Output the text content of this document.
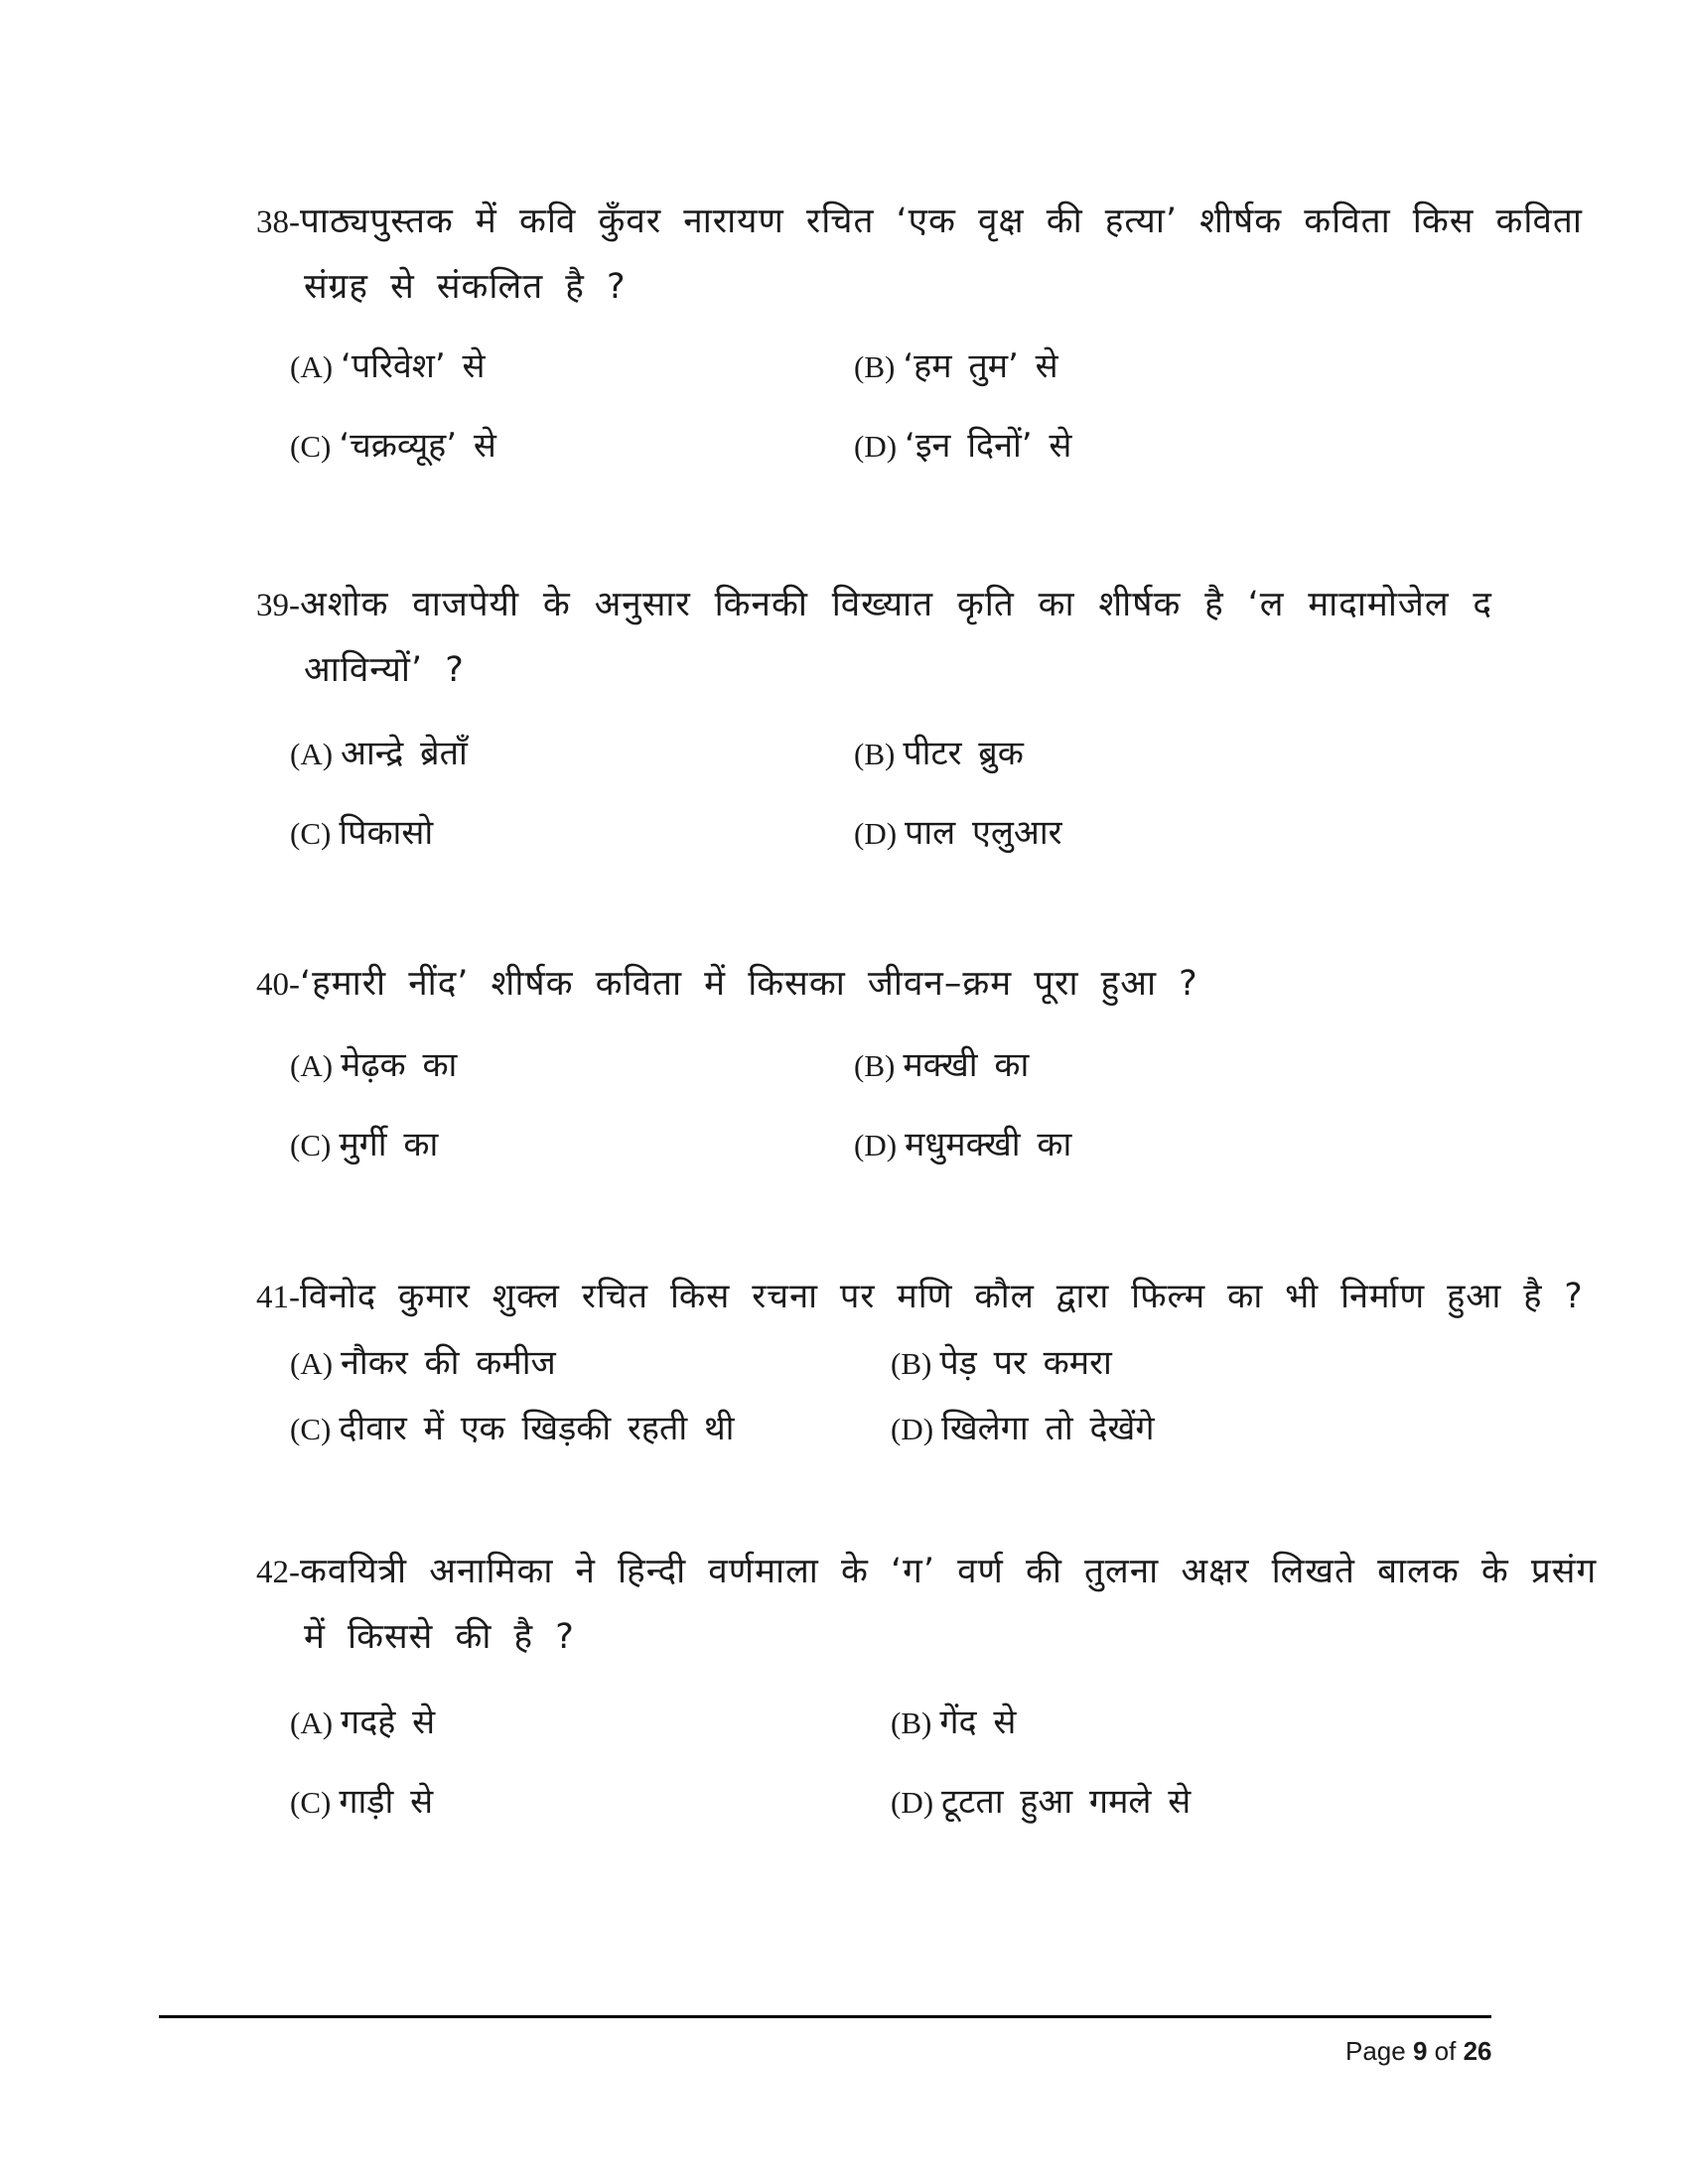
38-पाठ्यपुस्तक में कवि कुँवर नारायण रचित ‘एक वृक्ष की हत्या’ शीर्षक कविता किस कविता
संग्रह से संकलित है ?
(A) ‘परिवेश’ से	(B) ‘हम तुम’ से
(C) ‘चक्रव्यूह’ से	(D) ‘इन दिनों’ से
39-अशोक वाजपेयी के अनुसार किनकी विख्यात कृति का शीर्षक है ‘ल मादामोजेल द
आविन्यों’ ?
(A) आन्द्रे ब्रेताँ	(B) पीटर ब्रुक
(C) पिकासो	(D) पाल एलुआर
40-‘हमारी नींद’ शीर्षक कविता में किसका जीवन–क्रम पूरा हुआ ?
(A) मेढ़क का	(B) मक्खी का
(C) मुर्गी का	(D) मधुमक्खी का
41-विनोद कुमार शुक्ल रचित किस रचना पर मणि कौल द्वारा फिल्म का भी निर्माण हुआ है ?
(A) नौकर की कमीज	(B) पेड़ पर कमरा
(C) दीवार में एक खिड़की रहती थी	(D) खिलेगा तो देखेंगे
42-कवयित्री अनामिका ने हिन्दी वर्णमाला के ‘ग’ वर्ण की तुलना अक्षर लिखते बालक के प्रसंग
में किससे की है ?
(A) गदहे से	(B) गेंद से
(C) गाड़ी से	(D) टूटता हुआ गमले से
Page 9 of 26
